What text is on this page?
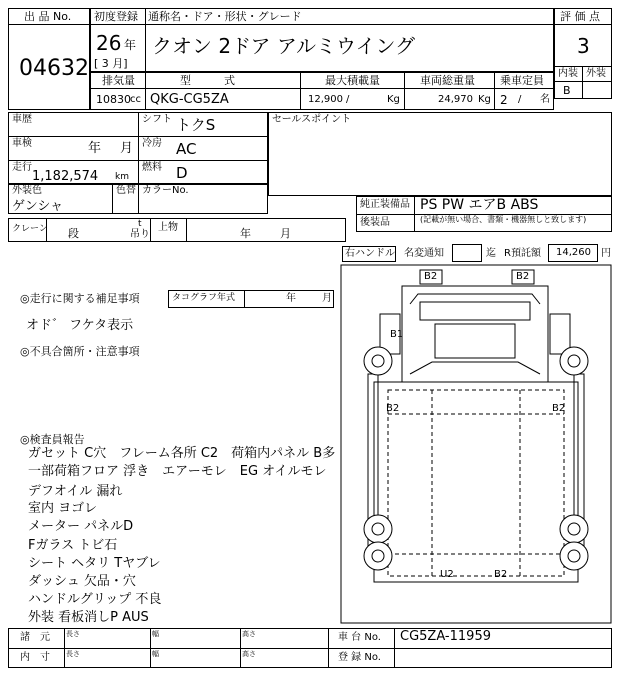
出 品 No.
04632
初度登録 通称名・ドア・形状・グレード
26 年
[ 3 月]
クオン 2ドア アルミウイング
評 価 点
3
内装 外装
B
排気量	型　　　式	最大積載量	車両総重量 乗車定員
10830 cc QKG-CG5ZA	12,900 /	Kg	24,970 Kg 2 / 名
車歴	シフト トクS
車検	年 月 冷房 AC
走行
1,182,574 km
燃料 D
セールスポイント
外装色
ゲンシャ
色替 カラーNo.
純正装備品 PS PW エアB ABS
後装品	(記載が無い場合、書類・機器無しと致します)
クレーン 段
t
吊り
上物	年	月
右ハンドル 名変通知	迄 R預託額 14,260 円
◎走行に関する補足事項	タコグラフ年式	年	月
オド゛ フケタ表示
◎不具合箇所・注意事項
◎検査員報告
ガセット C穴　フレーム各所 C2　荷箱内パネル B多
一部荷箱フロア 浮き　エアーモレ　EG オイルモレ
デフオイル 漏れ
室内 ヨゴレ
メーター パネルD
Fガラス トビ石
シート ヘタリ Tヤブレ
ダッシュ 欠品・穴
ハンドルグリップ 不良
外装 看板消しP AUS
B2	B2
B1
B2	B2
U2	B2
諸　元
内　寸
長さ	幅	高さ
長さ	幅	高さ
車 台 No. CG5ZA-11959
登 録 No.
